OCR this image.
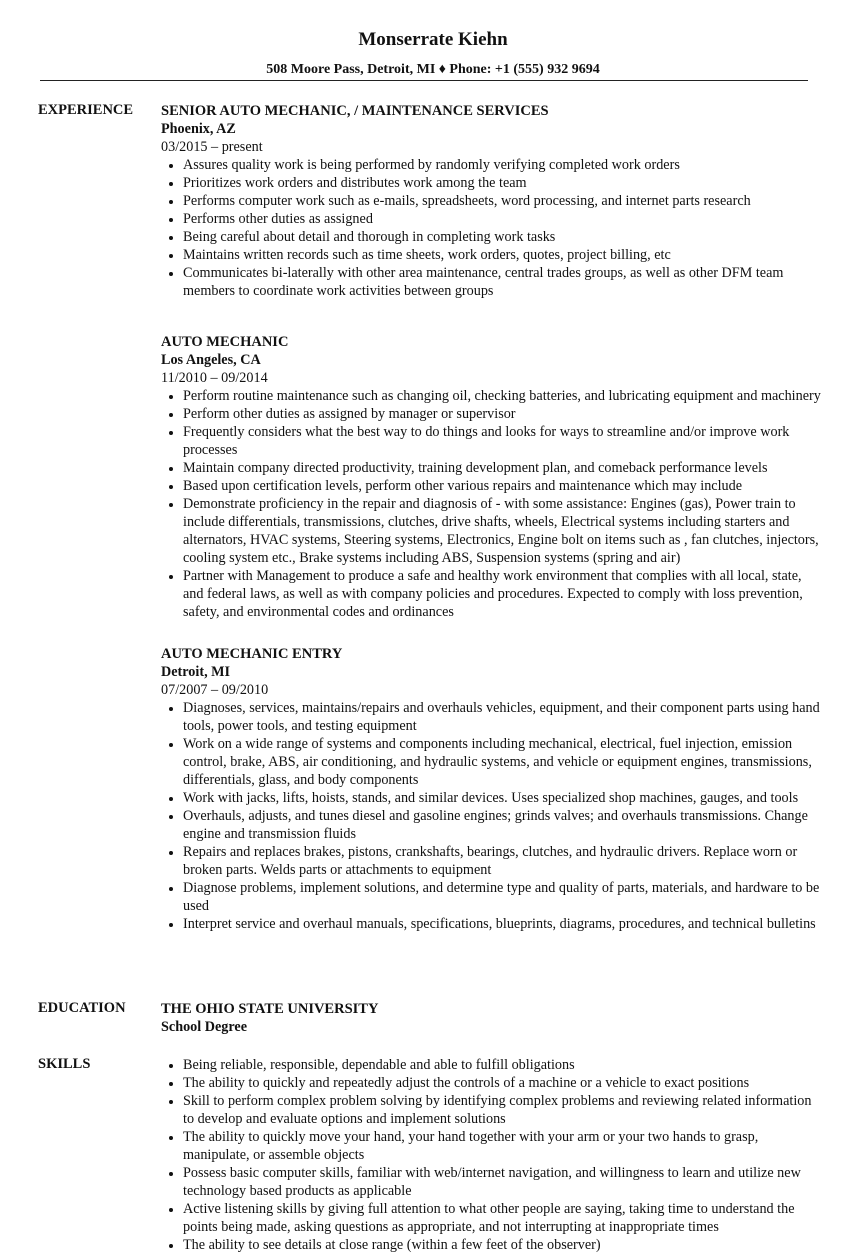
Monserrate Kiehn
508 Moore Pass, Detroit, MI ♦ Phone: +1 (555) 932 9694
EXPERIENCE SENIOR AUTO MECHANIC, / MAINTENANCE SERVICES
Phoenix, AZ
03/2015 – present
• Assures quality work is being performed by randomly verifying completed work orders
• Prioritizes work orders and distributes work among the team
• Performs computer work such as e-mails, spreadsheets, word processing, and internet parts research
• Performs other duties as assigned
• Being careful about detail and thorough in completing work tasks
• Maintains written records such as time sheets, work orders, quotes, project billing, etc
• Communicates bi-laterally with other area maintenance, central trades groups, as well as other DFM team members to coordinate work activities between groups
AUTO MECHANIC
Los Angeles, CA
11/2010 – 09/2014
• Perform routine maintenance such as changing oil, checking batteries, and lubricating equipment and machinery
• Perform other duties as assigned by manager or supervisor
• Frequently considers what the best way to do things and looks for ways to streamline and/or improve work processes
• Maintain company directed productivity, training development plan, and comeback performance levels
• Based upon certification levels, perform other various repairs and maintenance which may include
• Demonstrate proficiency in the repair and diagnosis of - with some assistance: Engines (gas), Power train to include differentials, transmissions, clutches, drive shafts, wheels, Electrical systems including starters and alternators, HVAC systems, Steering systems, Electronics, Engine bolt on items such as , fan clutches, injectors, cooling system etc., Brake systems including ABS, Suspension systems (spring and air)
• Partner with Management to produce a safe and healthy work environment that complies with all local, state, and federal laws, as well as with company policies and procedures. Expected to comply with loss prevention, safety, and environmental codes and ordinances
AUTO MECHANIC ENTRY
Detroit, MI
07/2007 – 09/2010
• Diagnoses, services, maintains/repairs and overhauls vehicles, equipment, and their component parts using hand tools, power tools, and testing equipment
• Work on a wide range of systems and components including mechanical, electrical, fuel injection, emission control, brake, ABS, air conditioning, and hydraulic systems, and vehicle or equipment engines, transmissions, differentials, glass, and body components
• Work with jacks, lifts, hoists, stands, and similar devices. Uses specialized shop machines, gauges, and tools
• Overhauls, adjusts, and tunes diesel and gasoline engines; grinds valves; and overhauls transmissions. Change engine and transmission fluids
• Repairs and replaces brakes, pistons, crankshafts, bearings, clutches, and hydraulic drivers. Replace worn or broken parts. Welds parts or attachments to equipment
• Diagnose problems, implement solutions, and determine type and quality of parts, materials, and hardware to be used
• Interpret service and overhaul manuals, specifications, blueprints, diagrams, procedures, and technical bulletins
EDUCATION THE OHIO STATE UNIVERSITY
School Degree
SKILLS
•	Being reliable, responsible, dependable and able to fulfill obligations
• The ability to quickly and repeatedly adjust the controls of a machine or a vehicle to exact positions
• Skill to perform complex problem solving by identifying complex problems and reviewing related information to develop and evaluate options and implement solutions
• The ability to quickly move your hand, your hand together with your arm or your two hands to grasp, manipulate, or assemble objects
• Possess basic computer skills, familiar with web/internet navigation, and willingness to learn and utilize new technology based products as applicable
• Active listening skills by giving full attention to what other people are saying, taking time to understand the points being made, asking questions as appropriate, and not interrupting at inappropriate times
• The ability to see details at close range (within a few feet of the observer)
